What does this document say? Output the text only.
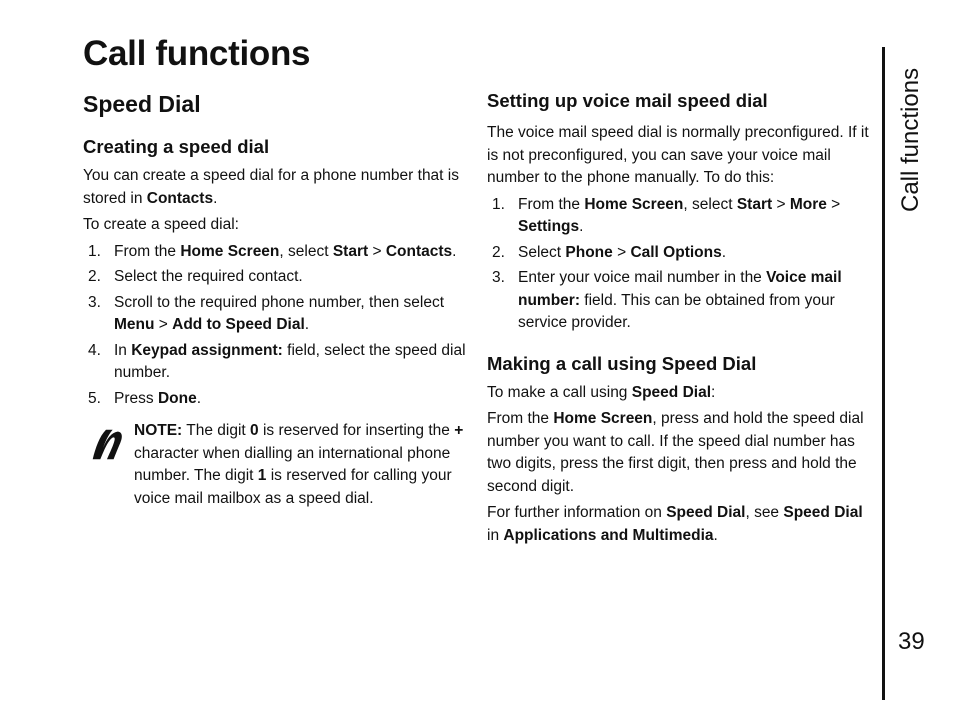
Call functions
Speed Dial
Creating a speed dial

You can create a speed dial for a phone number that is stored in Contacts.

To create a speed dial:

1. From the Home Screen, select Start > Contacts.
2. Select the required contact.
3. Scroll to the required phone number, then select Menu > Add to Speed Dial.
4. In Keypad assignment: field, select the speed dial number.
5. Press Done.
NOTE: The digit 0 is reserved for inserting the + character when dialling an international phone number. The digit 1 is reserved for calling your voice mail mailbox as a speed dial.
Setting up voice mail speed dial

The voice mail speed dial is normally preconfigured. If it is not preconfigured, you can save your voice mail number to the phone manually. To do this:

1. From the Home Screen, select Start > More > Settings.
2. Select Phone > Call Options.
3. Enter your voice mail number in the Voice mail number: field. This can be obtained from your service provider.
Making a call using Speed Dial

To make a call using Speed Dial:

From the Home Screen, press and hold the speed dial number you want to call. If the speed dial number has two digits, press the first digit, then press and hold the second digit.

For further information on Speed Dial, see Speed Dial in Applications and Multimedia.

Call functions
39
